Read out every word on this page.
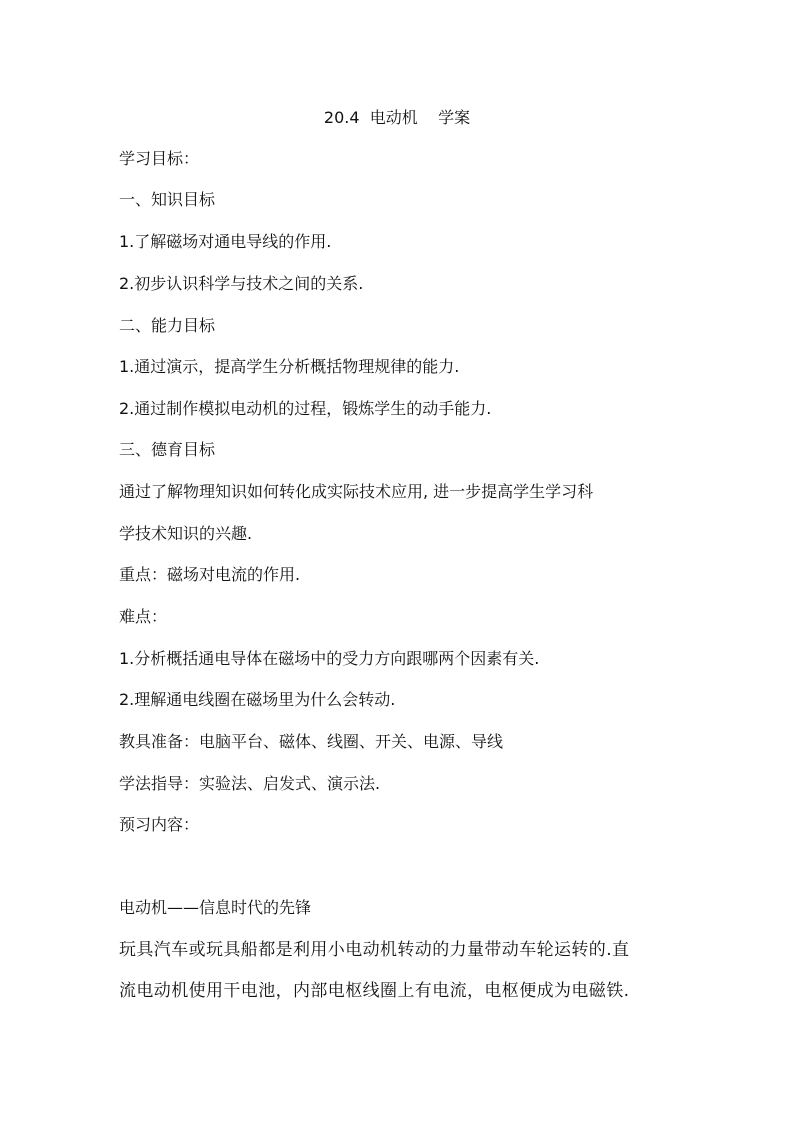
20.4  电动机    学案
学习目标：
一、知识目标
1.了解磁场对通电导线的作用.
2.初步认识科学与技术之间的关系.
二、能力目标
1.通过演示，提高学生分析概括物理规律的能力.
2.通过制作模拟电动机的过程，锻炼学生的动手能力.
三、德育目标
通过了解物理知识如何转化成实际技术应用, 进一步提高学生学习科
学技术知识的兴趣.
重点：磁场对电流的作用.
难点：
1.分析概括通电导体在磁场中的受力方向跟哪两个因素有关.
2.理解通电线圈在磁场里为什么会转动.
教具准备：电脑平台、磁体、线圈、开关、电源、导线
学法指导：实验法、启发式、演示法.
预习内容：
电动机——信息时代的先锋
玩具汽车或玩具船都是利用小电动机转动的力量带动车轮运转的.直
流电动机使用干电池，内部电枢线圈上有电流，电枢便成为电磁铁.
